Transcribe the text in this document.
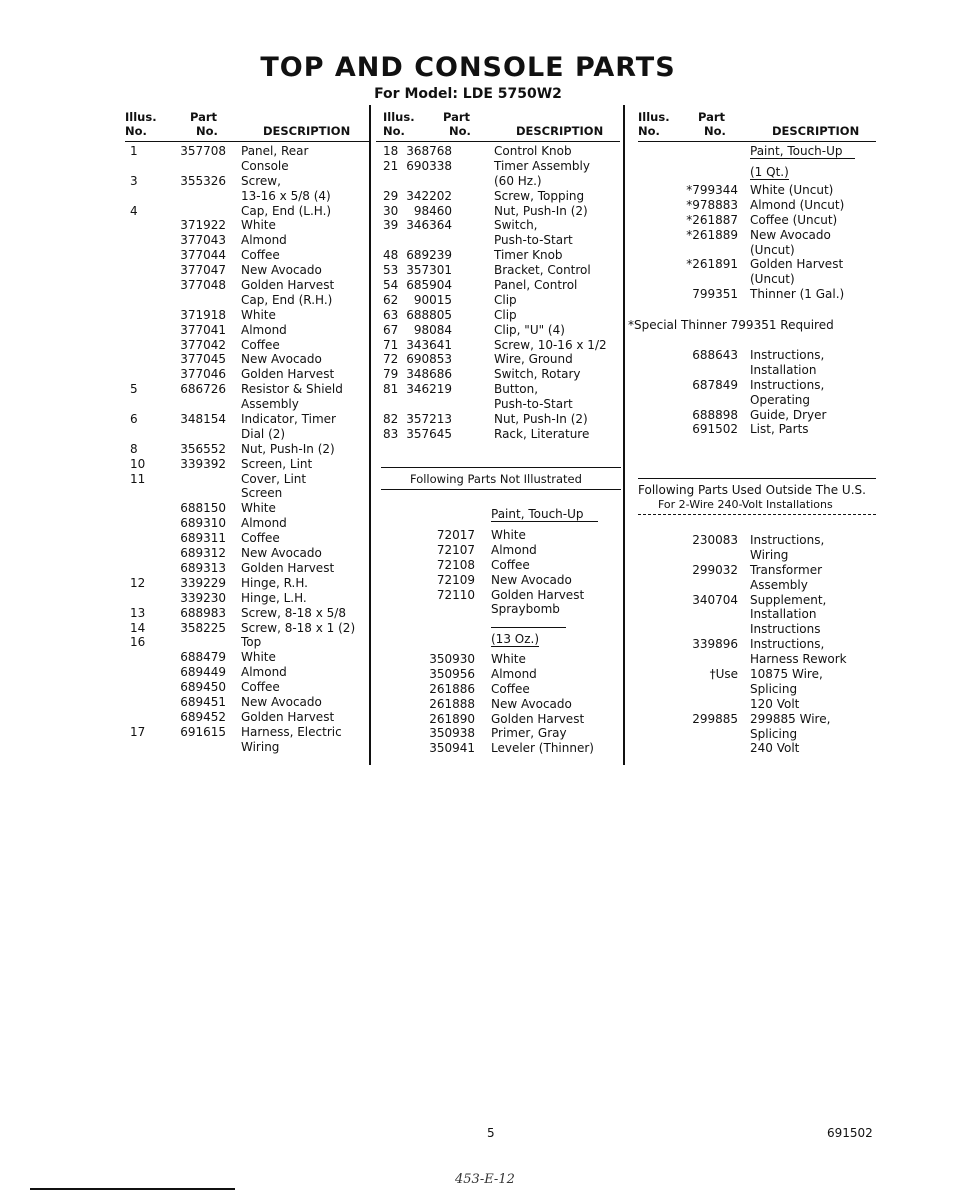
TOP AND CONSOLE PARTS
For Model: LDE 5750W2
Illus.
No.
Part
No.	DESCRIPTION
Illus.
No.
Part
No.	DESCRIPTION
Illus.
No.
Part
No.	DESCRIPTION
Following Parts Not Illustrated
Paint, Touch-Up
(13 Oz.)
Paint, Touch-Up
(1 Qt.)
*Special Thinner 799351 Required
Following Parts Used Outside The U.S.
For 2-Wire 240-Volt Installations
1	357708 Panel, Rear
Console
3	355326 Screw,
13-16 x 5/8 (4)
4	Cap, End (L.H.)
371922 White
377043 Almond
377044 Coffee
377047 New Avocado
377048 Golden Harvest
Cap, End (R.H.)
371918 White
377041 Almond
377042 Coffee
377045 New Avocado
377046 Golden Harvest
5	686726 Resistor & Shield
Assembly
6	348154 Indicator, Timer
Dial (2)
8	356552 Nut, Push-In (2)
10	339392 Screen, Lint
11	Cover, Lint
Screen
688150 White
689310 Almond
689311 Coffee
689312 New Avocado
689313 Golden Harvest
12	339229 Hinge, R.H.
339230 Hinge, L.H.
13	688983 Screw, 8-18 x 5/8
14	358225 Screw, 8-18 x 1 (2)
16	Top
688479 White
689449 Almond
689450 Coffee
689451 New Avocado
689452 Golden Harvest
17	691615 Harness, Electric
Wiring
18 368768	Control Knob
21 690338	Timer Assembly
(60 Hz.)
29 342202	Screw, Topping
30	98460	Nut, Push-In (2)
39 346364	Switch,
Push-to-Start
48 689239	Timer Knob
53 357301	Bracket, Control
54 685904	Panel, Control
62	90015	Clip
63 688805	Clip
67	98084	Clip, "U" (4)
71 343641	Screw, 10-16 x 1/2
72 690853	Wire, Ground
79 348686	Switch, Rotary
81 346219	Button,
Push-to-Start
82 357213	Nut, Push-In (2)
83 357645	Rack, Literature
72017 White
72107 Almond
72108 Coffee
72109 New Avocado
72110 Golden Harvest
Spraybomb
350930 White
350956 Almond
261886 Coffee
261888 New Avocado
261890 Golden Harvest
350938 Primer, Gray
350941 Leveler (Thinner)
*799344 White (Uncut)
*978883 Almond (Uncut)
*261887 Coffee (Uncut)
*261889 New Avocado
(Uncut)
*261891 Golden Harvest
(Uncut)
799351 Thinner (1 Gal.)
688643 Instructions,
Installation
687849 Instructions,
Operating
688898 Guide, Dryer
691502 List, Parts
230083 Instructions,
Wiring
299032 Transformer
Assembly
340704 Supplement,
Installation
Instructions
339896 Instructions,
Harness Rework
†Use 10875 Wire,
Splicing
120 Volt
299885 299885 Wire,
Splicing
240 Volt
5	691502
453-E-12
